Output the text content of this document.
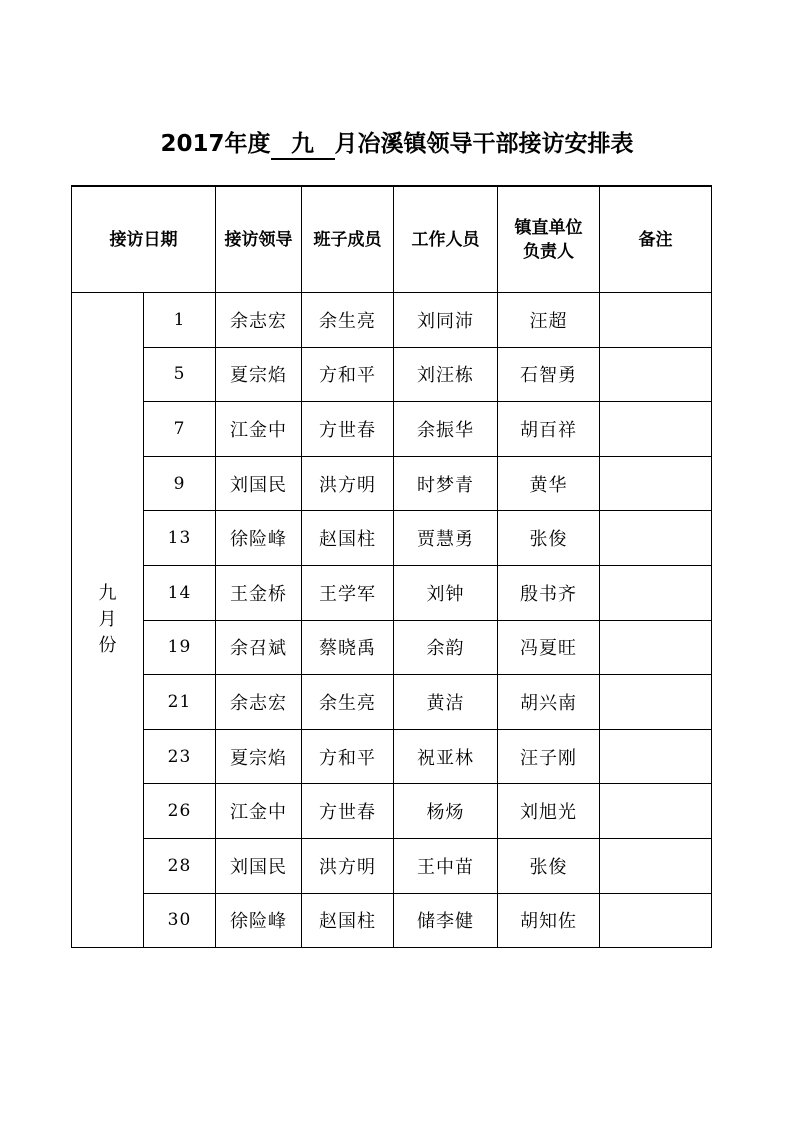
2017年度 九 月冶溪镇领导干部接访安排表
接访日期		接访领导	班子成员	工作人员	镇直单位负责人	备注

九月份	1	余志宏	余生亮	刘同沛	汪超	
	5	夏宗焰	方和平	刘汪栋	石智勇	
	7	江金中	方世春	余振华	胡百祥	
	9	刘国民	洪方明	时梦青	黄华	
	13	徐险峰	赵国柱	贾慧勇	张俊	
	14	王金桥	王学军	刘钟	殷书齐	
	19	余召斌	蔡晓禹	余韵	冯夏旺	
	21	余志宏	余生亮	黄洁	胡兴南	
	23	夏宗焰	方和平	祝亚林	汪子刚	
	26	江金中	方世春	杨炀	刘旭光	
	28	刘国民	洪方明	王中苗	张俊	
	30	徐险峰	赵国柱	储李健	胡知佐	
